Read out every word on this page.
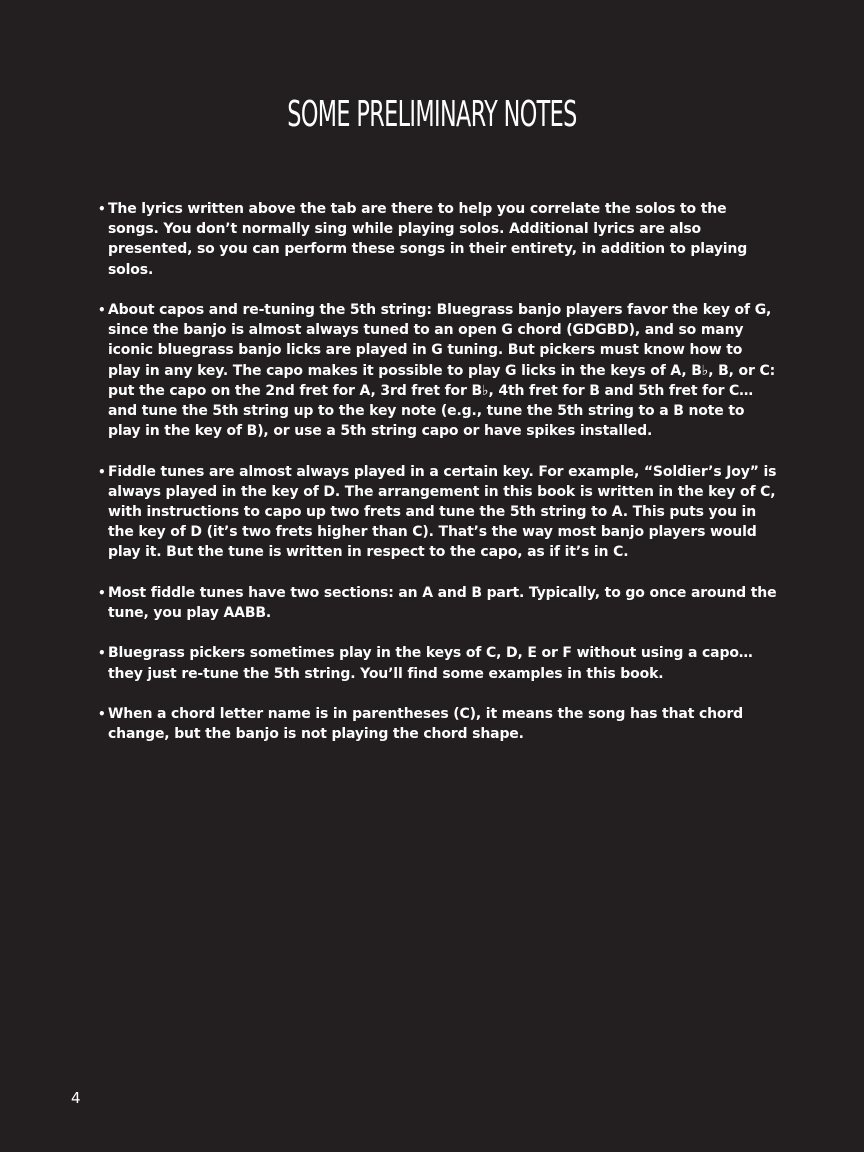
SOME PRELIMINARY NOTES
• The lyrics written above the tab are there to help you correlate the solos to the songs. You don’t normally sing while playing solos. Additional lyrics are also presented, so you can perform these songs in their entirety, in addition to playing solos.
• About capos and re-tuning the 5th string: Bluegrass banjo players favor the key of G, since the banjo is almost always tuned to an open G chord (GDGBD), and so many iconic bluegrass banjo licks are played in G tuning. But pickers must know how to play in any key. The capo makes it possible to play G licks in the keys of A, B♭, B, or C: put the capo on the 2nd fret for A, 3rd fret for B♭, 4th fret for B and 5th fret for C…and tune the 5th string up to the key note (e.g., tune the 5th string to a B note to play in the key of B), or use a 5th string capo or have spikes installed.
• Fiddle tunes are almost always played in a certain key. For example, “Soldier’s Joy” is always played in the key of D. The arrangement in this book is written in the key of C, with instructions to capo up two frets and tune the 5th string to A. This puts you in the key of D (it’s two frets higher than C). That’s the way most banjo players would play it. But the tune is written in respect to the capo, as if it’s in C.
• Most fiddle tunes have two sections: an A and B part. Typically, to go once around the tune, you play AABB.
• Bluegrass pickers sometimes play in the keys of C, D, E or F without using a capo…they just re-tune the 5th string. You’ll find some examples in this book.
• When a chord letter name is in parentheses (C), it means the song has that chord change, but the banjo is not playing the chord shape.
4
